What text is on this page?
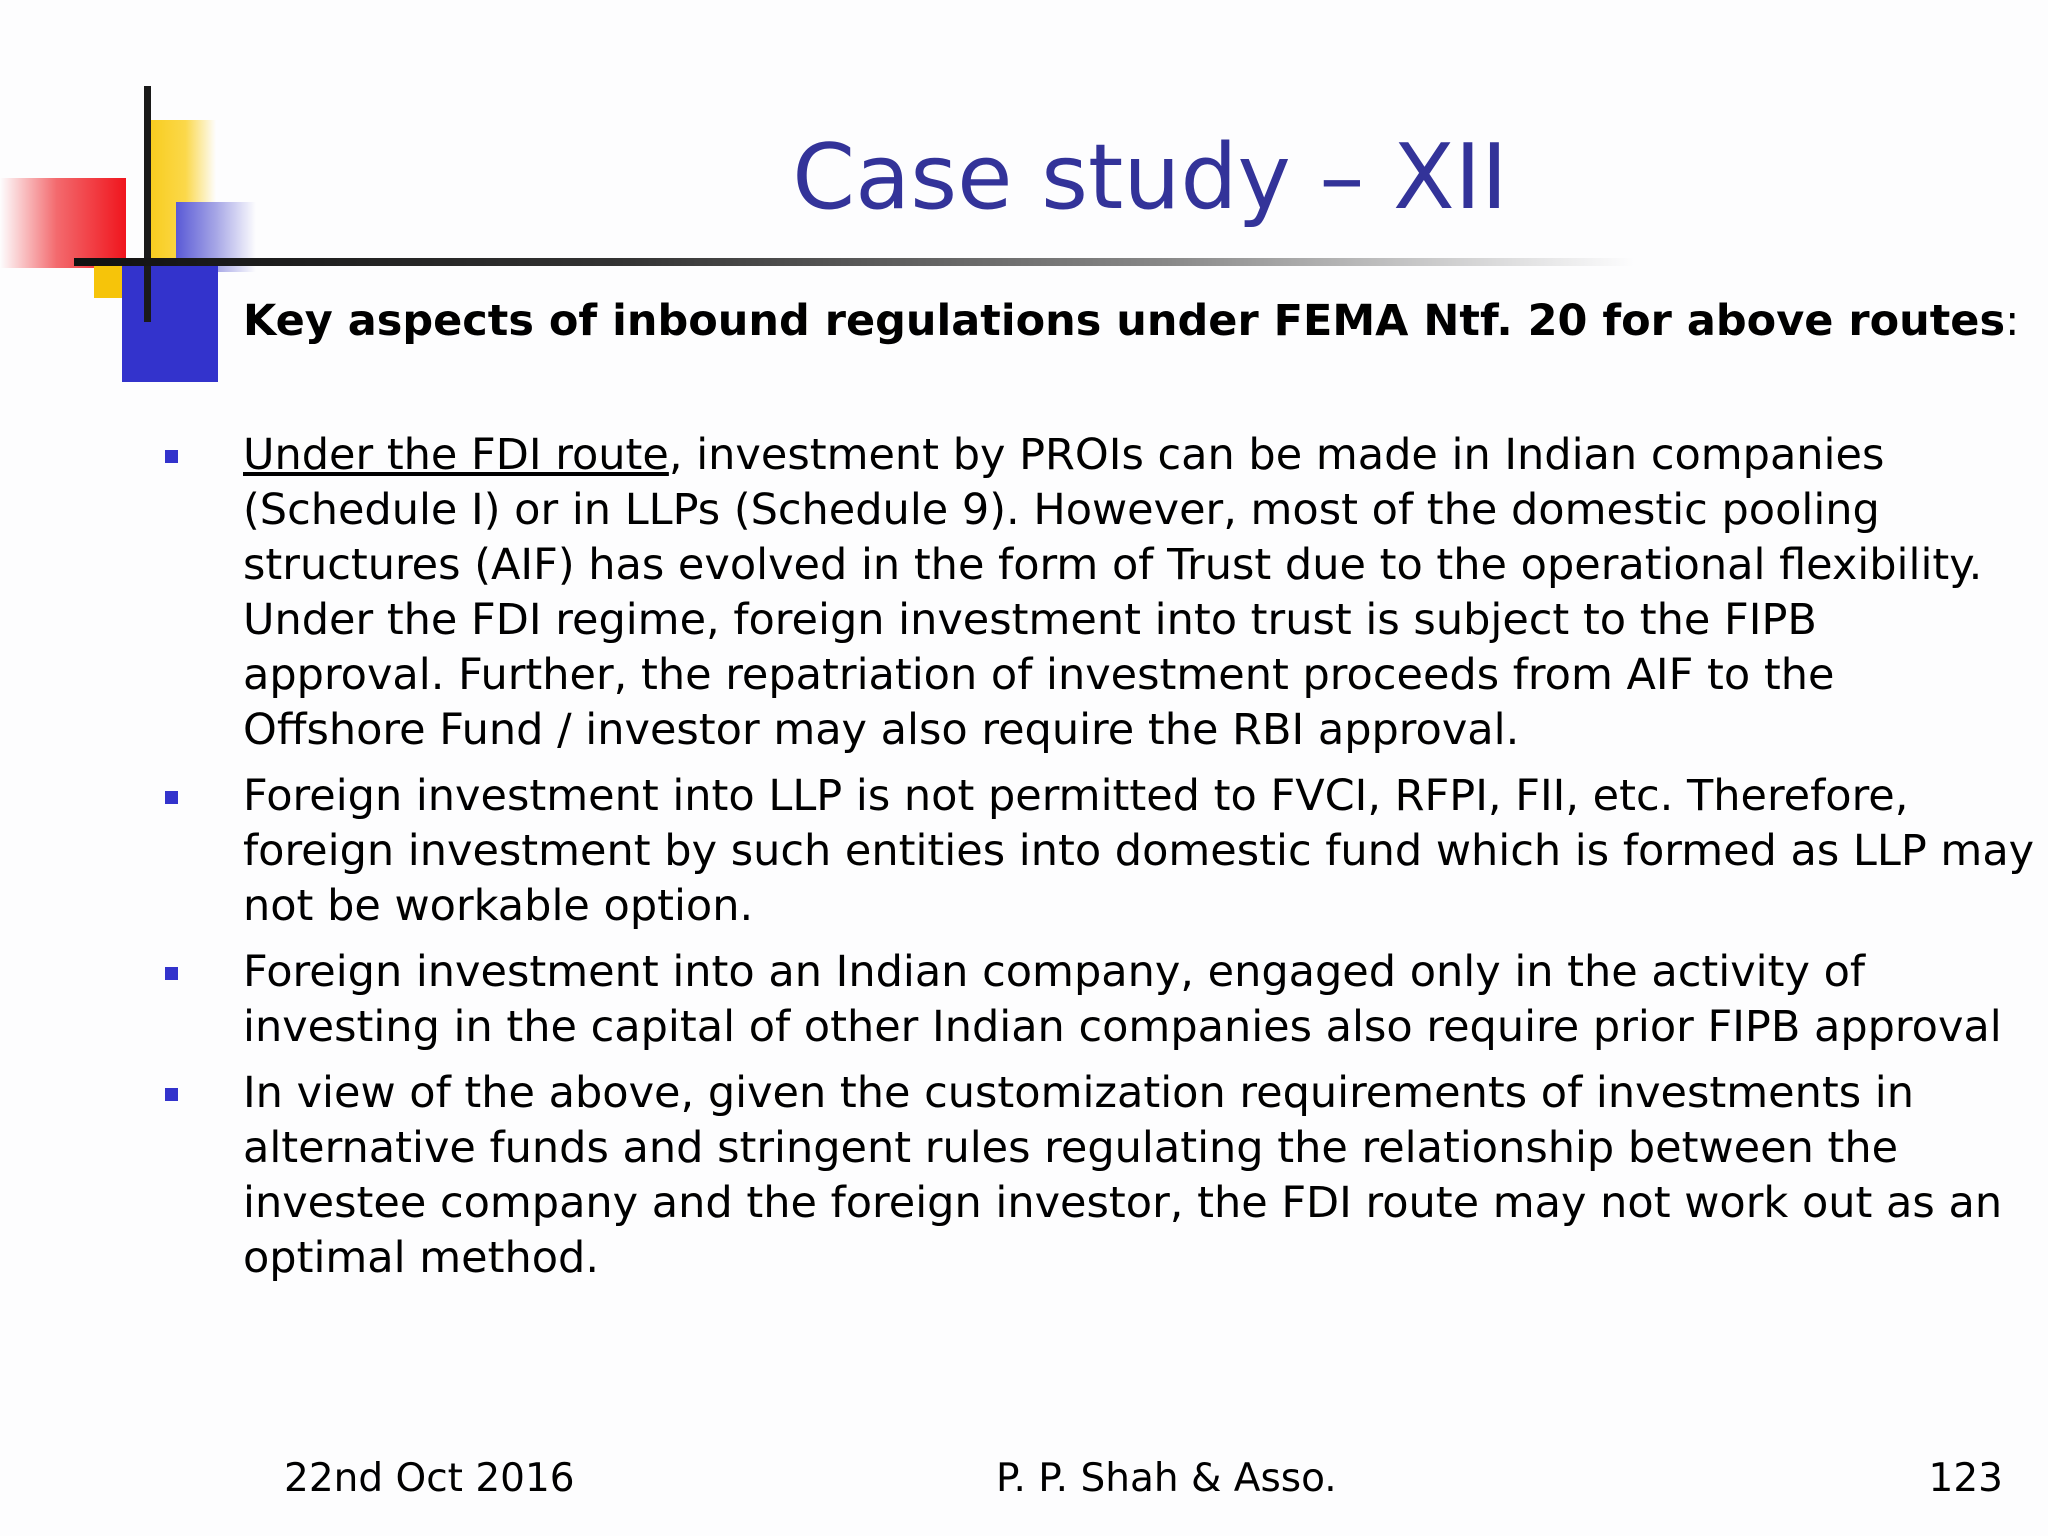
Case study – XII
Key aspects of inbound regulations under FEMA Ntf. 20 for above routes:
Under the FDI route, investment by PROIs can be made in Indian companies
(Schedule I) or in LLPs (Schedule 9). However, most of the domestic pooling
structures (AIF) has evolved in the form of Trust due to the operational flexibility.
Under the FDI regime, foreign investment into trust is subject to the FIPB
approval. Further, the repatriation of investment proceeds from AIF to the
Offshore Fund / investor may also require the RBI approval.
Foreign investment into LLP is not permitted to FVCI, RFPI, FII, etc. Therefore,
foreign investment by such entities into domestic fund which is formed as LLP may
not be workable option.
Foreign investment into an Indian company, engaged only in the activity of
investing in the capital of other Indian companies also require prior FIPB approval
In view of the above, given the customization requirements of investments in
alternative funds and stringent rules regulating the relationship between the
investee company and the foreign investor, the FDI route may not work out as an
optimal method.
22nd Oct 2016	P. P. Shah & Asso.	123
